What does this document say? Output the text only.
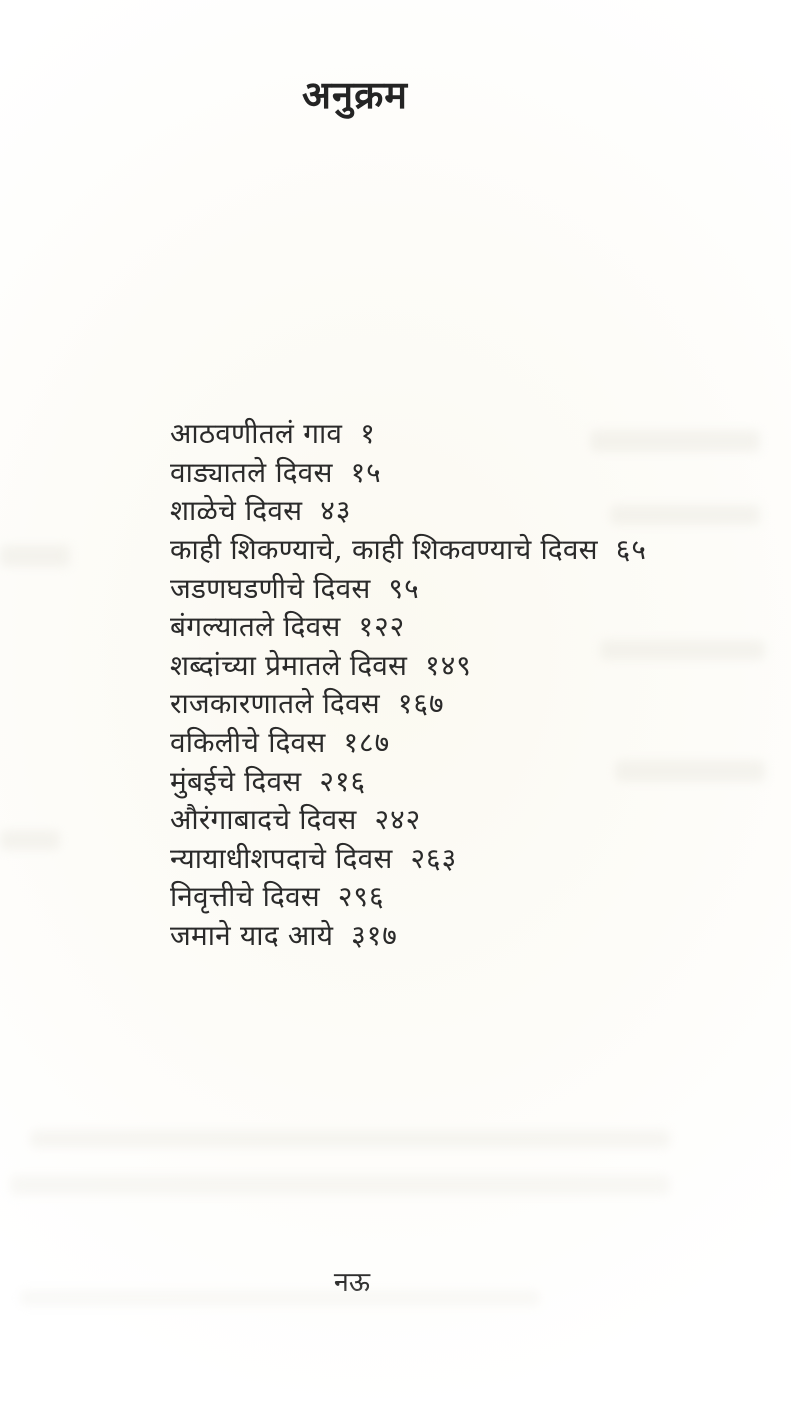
अनुक्रम
आठवणीतलं गाव १
वाड्यातले दिवस १५
शाळेचे दिवस ४३
काही शिकण्याचे, काही शिकवण्याचे दिवस ६५
जडणघडणीचे दिवस ९५
बंगल्यातले दिवस १२२
शब्दांच्या प्रेमातले दिवस १४९
राजकारणातले दिवस १६७
वकिलीचे दिवस १८७
मुंबईचे दिवस २१६
औरंगाबादचे दिवस २४२
न्यायाधीशपदाचे दिवस २६३
निवृत्तीचे दिवस २९६
जमाने याद आये ३१७
नऊ
